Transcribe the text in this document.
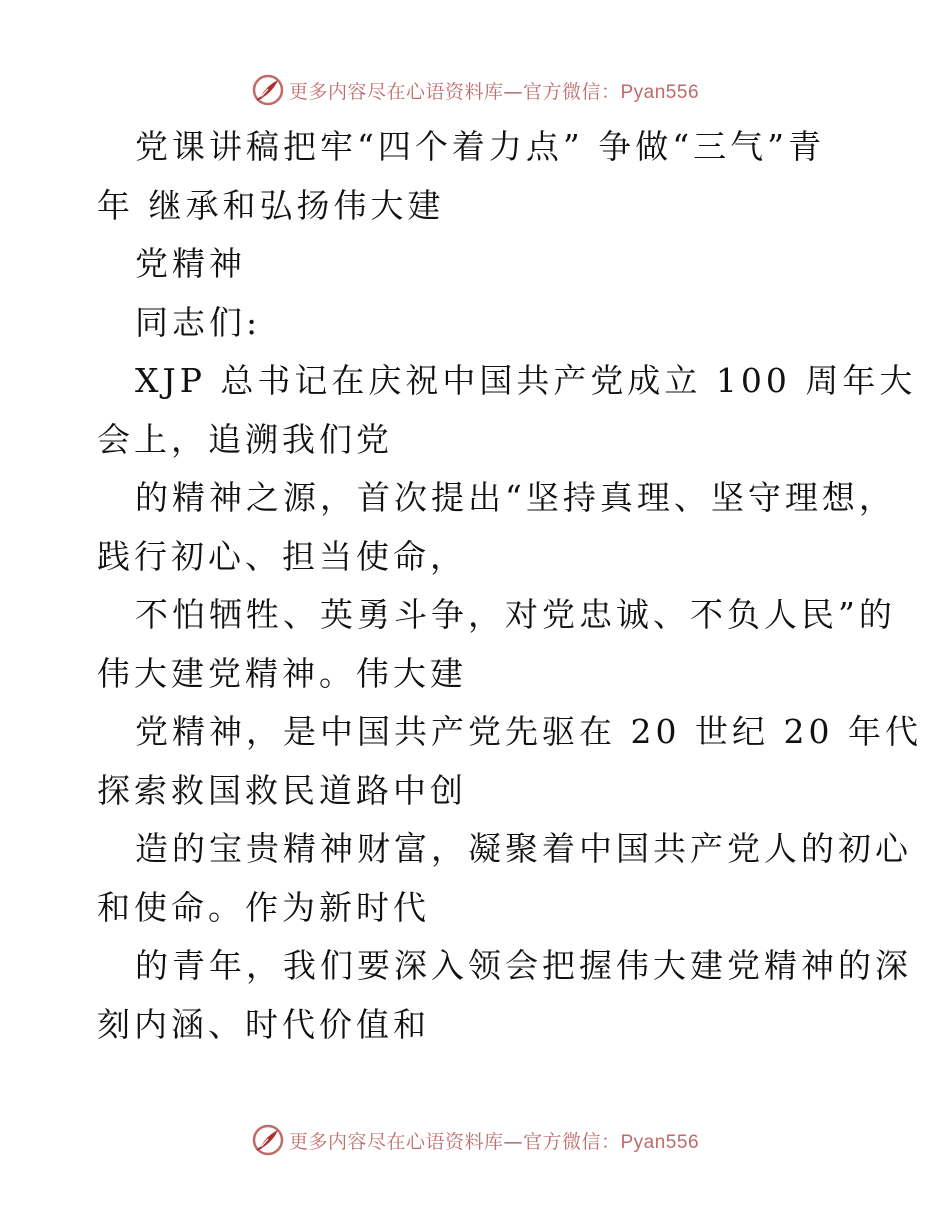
更多内容尽在心语资料库—官方微信：Pyan556
党课讲稿把牢“四个着力点” 争做“三气”青
年 继承和弘扬伟大建
党精神
同志们:
XJP 总书记在庆祝中国共产党成立 100 周年大
会上，追溯我们党
的精神之源，首次提出“坚持真理、坚守理想，
践行初心、担当使命，
不怕牺牲、英勇斗争，对党忠诚、不负人民”的
伟大建党精神。伟大建
党精神，是中国共产党先驱在 20 世纪 20 年代
探索救国救民道路中创
造的宝贵精神财富，凝聚着中国共产党人的初心
和使命。作为新时代
的青年，我们要深入领会把握伟大建党精神的深
刻内涵、时代价值和
更多内容尽在心语资料库—官方微信：Pyan556
